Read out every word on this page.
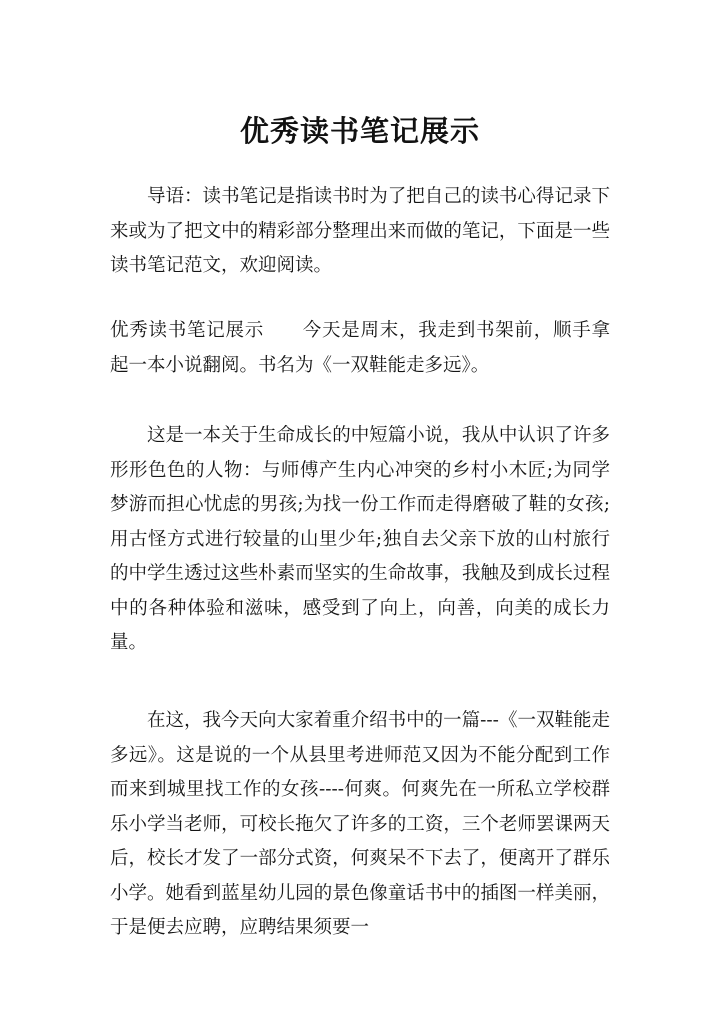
优秀读书笔记展示

导语：读书笔记是指读书时为了把自己的读书心得记录下来或为了把文中的精彩部分整理出来而做的笔记，下面是一些读书笔记范文，欢迎阅读。

优秀读书笔记展示 今天是周末，我走到书架前，顺手拿起一本小说翻阅。书名为《一双鞋能走多远》。

这是一本关于生命成长的中短篇小说，我从中认识了许多形形色色的人物：与师傅产生内心冲突的乡村小木匠;为同学梦游而担心忧虑的男孩;为找一份工作而走得磨破了鞋的女孩;用古怪方式进行较量的山里少年;独自去父亲下放的山村旅行的中学生透过这些朴素而坚实的生命故事，我触及到成长过程中的各种体验和滋味，感受到了向上，向善，向美的成长力量。

在这，我今天向大家着重介绍书中的一篇---《一双鞋能走多远》。这是说的一个从县里考进师范又因为不能分配到工作而来到城里找工作的女孩----何爽。何爽先在一所私立学校群乐小学当老师，可校长拖欠了许多的工资，三个老师罢课两天后，校长才发了一部分式资，何爽呆不下去了，便离开了群乐小学。她看到蓝星幼儿园的景色像童话书中的插图一样美丽，于是便去应聘，应聘结果须要一
